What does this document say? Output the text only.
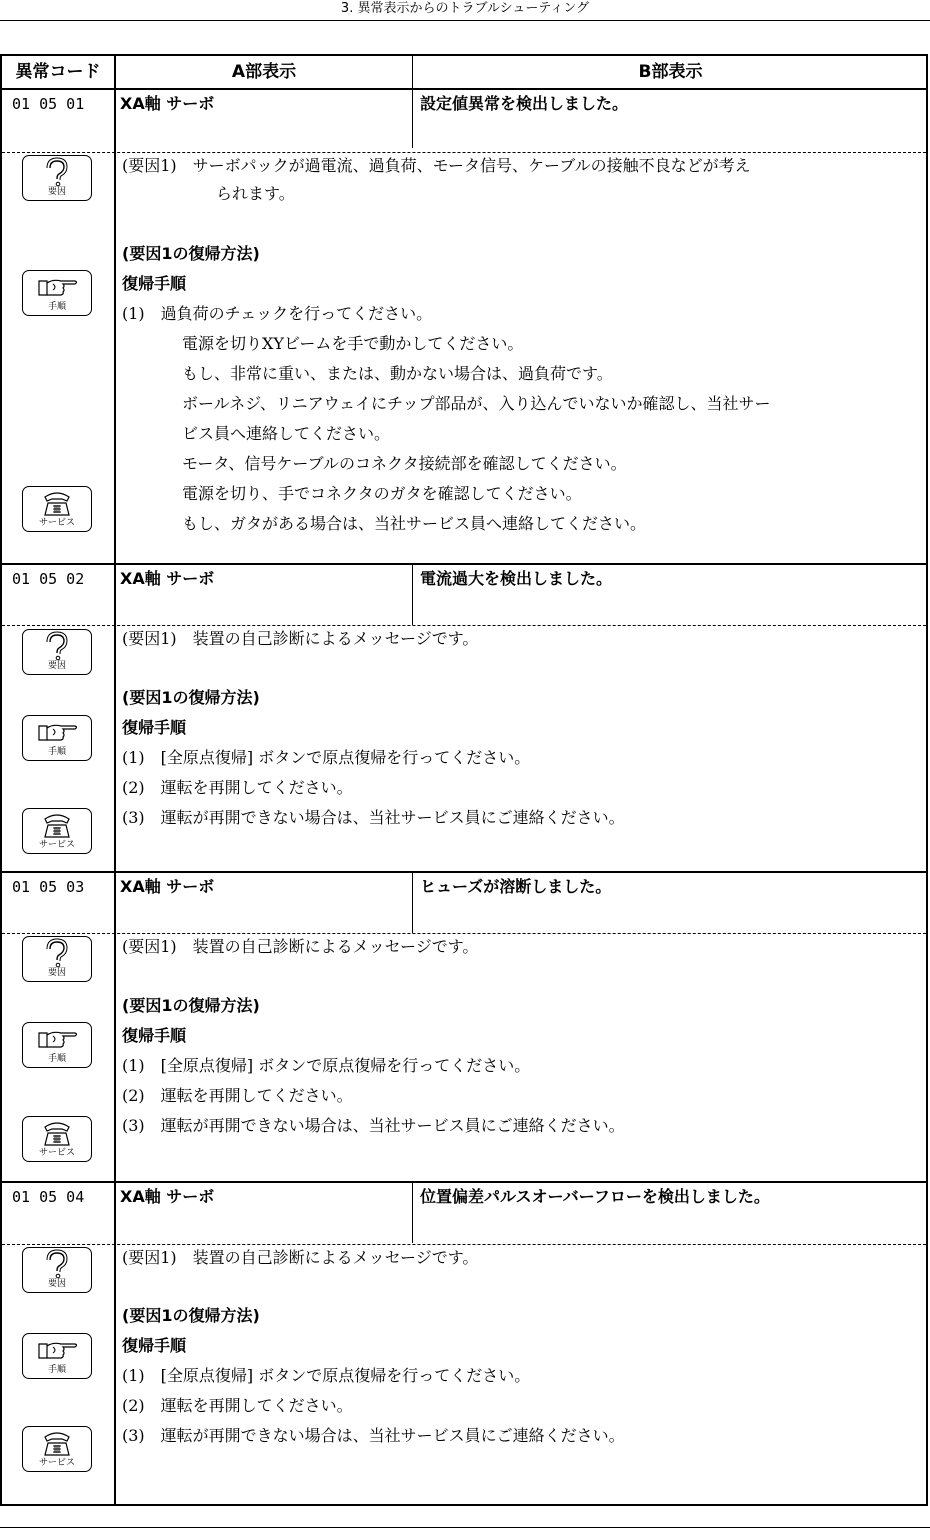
3. 異常表示からのトラブルシューティング
異常コード	A部表示	B部表示
01 05 01 XA軸 サーボ	設定値異常を検出しました。
(要因1)　サーボパックが過電流、過負荷、モータ信号、ケーブルの接触不良などが考え
られます。
(要因1の復帰方法)
復帰手順
(1)　過負荷のチェックを行ってください。
電源を切りXYビームを手で動かしてください。
もし、非常に重い、または、動かない場合は、過負荷です。
ボールネジ、リニアウェイにチップ部品が、入り込んでいないか確認し、当社サー
ビス員へ連絡してください。
モータ、信号ケーブルのコネクタ接続部を確認してください。
電源を切り、手でコネクタのガタを確認してください。
もし、ガタがある場合は、当社サービス員へ連絡してください。
要因
手順
サービス
01 05 02 XA軸 サーボ	電流過大を検出しました。
(要因1)　装置の自己診断によるメッセージです。
(要因1の復帰方法)
復帰手順
(1)　[全原点復帰] ボタンで原点復帰を行ってください。
(2)　運転を再開してください。
(3)　運転が再開できない場合は、当社サービス員にご連絡ください。
要因
手順
サービス
01 05 03 XA軸 サーボ	ヒューズが溶断しました。
(要因1)　装置の自己診断によるメッセージです。
(要因1の復帰方法)
復帰手順
(1)　[全原点復帰] ボタンで原点復帰を行ってください。
(2)　運転を再開してください。
(3)　運転が再開できない場合は、当社サービス員にご連絡ください。
要因
手順
サービス
01 05 04 XA軸 サーボ	位置偏差パルスオーバーフローを検出しました。
(要因1)　装置の自己診断によるメッセージです。
(要因1の復帰方法)
復帰手順
(1)　[全原点復帰] ボタンで原点復帰を行ってください。
(2)　運転を再開してください。
(3)　運転が再開できない場合は、当社サービス員にご連絡ください。
要因
手順
サービス
